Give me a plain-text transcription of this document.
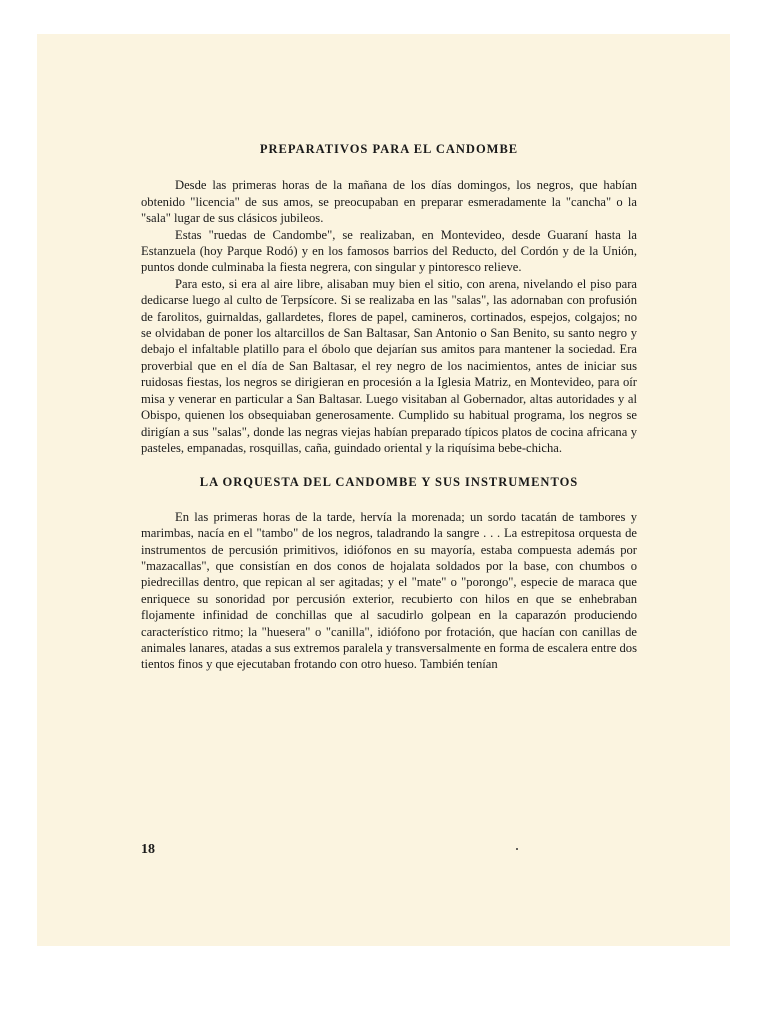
PREPARATIVOS PARA EL CANDOMBE

Desde las primeras horas de la mañana de los días domingos, los negros, que habían obtenido "licencia" de sus amos, se preocupaban en preparar esmeradamente la "cancha" o la "sala" lugar de sus clásicos jubileos.

Estas "ruedas de Candombe", se realizaban, en Montevideo, desde Guaraní hasta la Estanzuela (hoy Parque Rodó) y en los famosos barrios del Reducto, del Cordón y de la Unión, puntos donde culminaba la fiesta negrera, con singular y pintoresco relieve.

Para esto, si era al aire libre, alisaban muy bien el sitio, con arena, nivelando el piso para dedicarse luego al culto de Terpsícore. Si se realizaba en las "salas", las adornaban con profusión de farolitos, guirnaldas, gallardetes, flores de papel, camineros, cortinados, espejos, colgajos; no se olvidaban de poner los altarcillos de San Baltasar, San Antonio o San Benito, su santo negro y debajo el infaltable platillo para el óbolo que dejarían sus amitos para mantener la sociedad. Era proverbial que en el día de San Baltasar, el rey negro de los nacimientos, antes de iniciar sus ruidosas fiestas, los negros se dirigieran en procesión a la Iglesia Matriz, en Montevideo, para oír misa y venerar en particular a San Baltasar. Luego visitaban al Gobernador, altas autoridades y al Obispo, quienen los obsequiaban generosamente. Cumplido su habitual programa, los negros se dirigían a sus "salas", donde las negras viejas habían preparado típicos platos de cocina africana y pasteles, empanadas, rosquillas, caña, guindado oriental y la riquísima bebe-chicha.

LA ORQUESTA DEL CANDOMBE Y SUS INSTRUMENTOS

En las primeras horas de la tarde, hervía la morenada; un sordo tacatán de tambores y marimbas, nacía en el "tambo" de los negros, taladrando la sangre . . . La estrepitosa orquesta de instrumentos de percusión primitivos, idiófonos en su mayoría, estaba compuesta además por "mazacallas", que consistían en dos conos de hojalata soldados por la base, con chumbos o piedrecillas dentro, que repican al ser agitadas; y el "mate" o "porongo", especie de maraca que enriquece su sonoridad por percusión exterior, recubierto con hilos en que se enhebraban flojamente infinidad de conchillas que al sacudirlo golpean en la caparazón produciendo característico ritmo; la "huesera" o "canilla", idiófono por frotación, que hacían con canillas de animales lanares, atadas a sus extremos paralela y transversalmente en forma de escalera entre dos tientos finos y que ejecutaban frotando con otro hueso. También tenían

18
